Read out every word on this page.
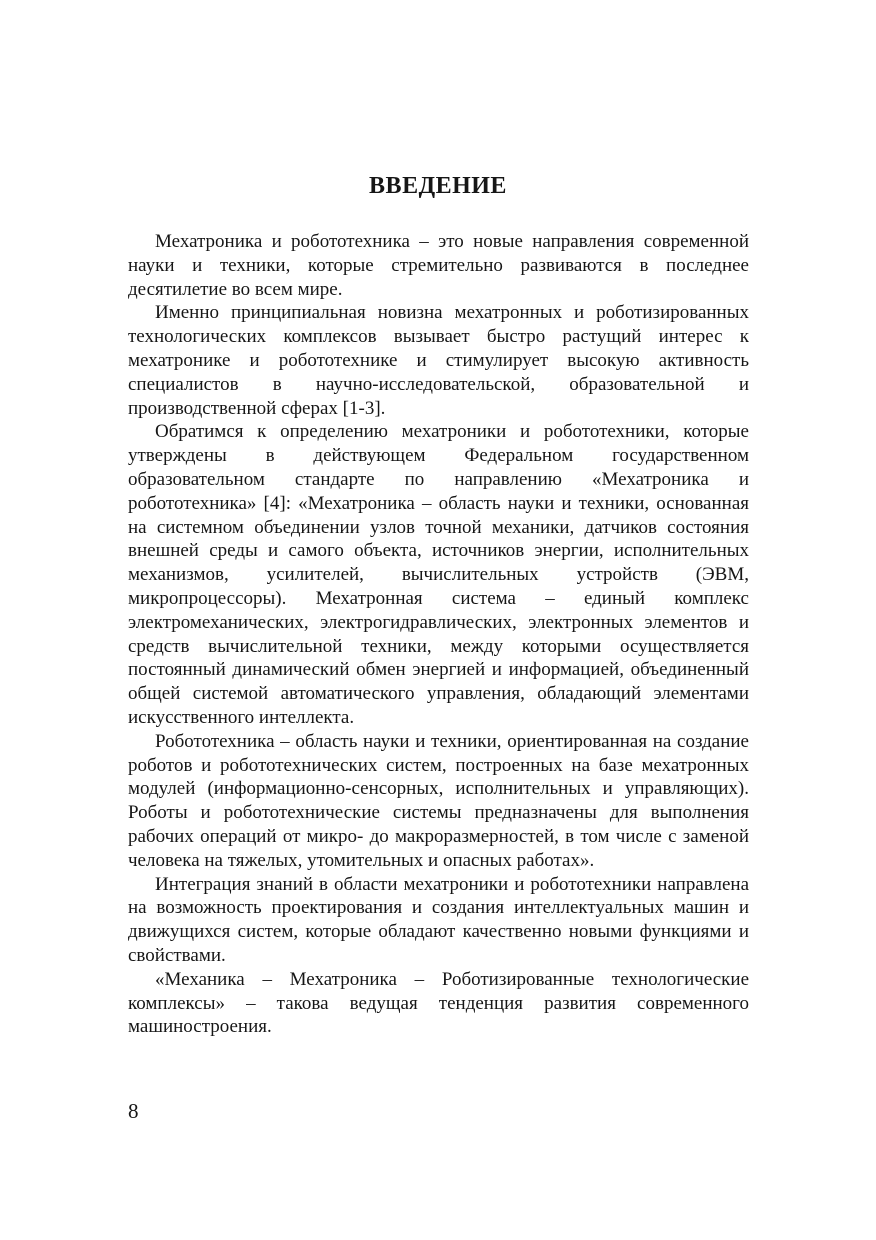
ВВЕДЕНИЕ

Мехатроника и робототехника – это новые направления современной науки и техники, которые стремительно развиваются в последнее десятилетие во всем мире.

Именно принципиальная новизна мехатронных и роботизированных технологических комплексов вызывает быстро растущий интерес к мехатронике и робототехнике и стимулирует высокую активность специалистов в научно-исследовательской, образовательной и производственной сферах [1-3].

Обратимся к определению мехатроники и робототехники, которые утверждены в действующем Федеральном государственном образовательном стандарте по направлению «Мехатроника и робототехника» [4]: «Мехатроника – область науки и техники, основанная на системном объединении узлов точной механики, датчиков состояния внешней среды и самого объекта, источников энергии, исполнительных механизмов, усилителей, вычислительных устройств (ЭВМ, микропроцессоры). Мехатронная система – единый комплекс электромеханических, электрогидравлических, электронных элементов и средств вычислительной техники, между которыми осуществляется постоянный динамический обмен энергией и информацией, объединенный общей системой автоматического управления, обладающий элементами искусственного интеллекта.

Робототехника – область науки и техники, ориентированная на создание роботов и робототехнических систем, построенных на базе мехатронных модулей (информационно-сенсорных, исполнительных и управляющих). Роботы и робототехнические системы предназначены для выполнения рабочих операций от микро- до макроразмерностей, в том числе с заменой человека на тяжелых, утомительных и опасных работах».

Интеграция знаний в области мехатроники и робототехники направлена на возможность проектирования и создания интеллектуальных машин и движущихся систем, которые обладают качественно новыми функциями и свойствами.

«Механика – Мехатроника – Роботизированные технологические комплексы» – такова ведущая тенденция развития современного машиностроения.

8
